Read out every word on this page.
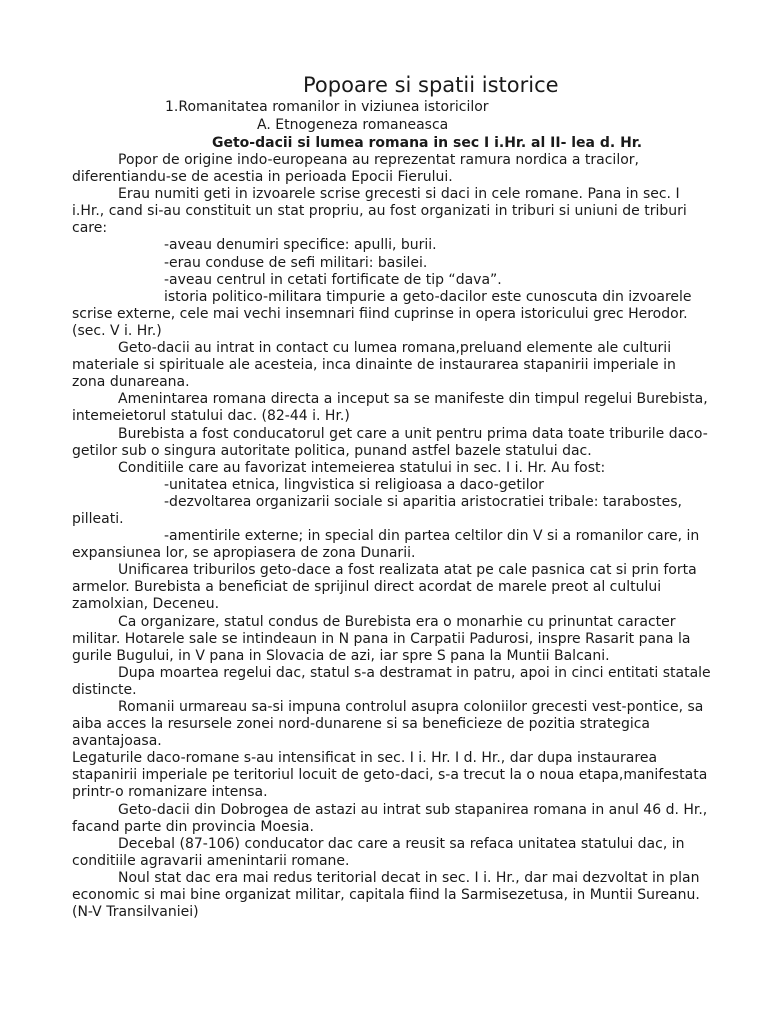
Popoare si spatii istorice
1.Romanitatea romanilor in viziunea istoricilor
A. Etnogeneza romaneasca
Geto-dacii si lumea romana in sec I i.Hr. al II- lea d. Hr.

Popor de origine indo-europeana au reprezentat ramura nordica a tracilor, diferentiandu-se de acestia in perioada Epocii Fierului.

Erau numiti geti in izvoarele scrise grecesti si daci in cele romane. Pana in sec. I i.Hr., cand si-au constituit un stat propriu, au fost organizati in triburi si uniuni de triburi care:

-aveau denumiri specifice: apulli, burii.

-erau conduse de sefi militari: basilei.

-aveau centrul in cetati fortificate de tip “dava”.

istoria politico-militara timpurie a geto-dacilor este cunoscuta din izvoarele scrise externe, cele mai vechi insemnari fiind cuprinse in opera istoricului grec Herodor. (sec. V i. Hr.)

Geto-dacii au intrat in contact cu lumea romana,preluand elemente ale culturii materiale si spirituale ale acesteia, inca dinainte de instaurarea stapanirii imperiale in zona dunareana.

Amenintarea romana directa a inceput sa se manifeste din timpul regelui Burebista, intemeietorul statului dac. (82-44 i. Hr.)

Burebista a fost conducatorul get care a unit pentru prima data toate triburile daco-getilor sub o singura autoritate politica, punand astfel bazele statului dac.

Conditiile care au favorizat intemeierea statului in sec. I i. Hr. Au fost:

-unitatea etnica, lingvistica si religioasa a daco-getilor

-dezvoltarea organizarii sociale si aparitia aristocratiei tribale: tarabostes, pilleati.

-amentirile externe; in special din partea celtilor din V si a romanilor care, in expansiunea lor, se apropiasera de zona Dunarii.

Unificarea triburilos geto-dace a fost realizata atat pe cale pasnica cat si prin forta armelor. Burebista a beneficiat de sprijinul direct acordat de marele preot al cultului zamolxian, Deceneu.

Ca organizare, statul condus de Burebista era o monarhie cu prinuntat caracter militar. Hotarele sale se intindeaun in N pana in Carpatii Padurosi, inspre Rasarit pana la gurile Bugului, in V pana in Slovacia de azi, iar spre S pana la Muntii Balcani.

Dupa moartea regelui dac, statul s-a destramat in patru, apoi in cinci entitati statale distincte.

Romanii urmareau sa-si impuna controlul asupra coloniilor grecesti vest-pontice, sa aiba acces la resursele zonei nord-dunarene si sa beneficieze de pozitia strategica avantajoasa.

Legaturile daco-romane s-au intensificat in sec. I i. Hr. I d. Hr., dar dupa instaurarea stapanirii imperiale pe teritoriul locuit de geto-daci, s-a trecut la o noua etapa,manifestata printr-o romanizare intensa.

Geto-dacii din Dobrogea de astazi au intrat sub stapanirea romana in anul 46 d. Hr., facand parte din provincia Moesia.

Decebal (87-106) conducator dac care a reusit sa refaca unitatea statului dac, in conditiile agravarii amenintarii romane.

Noul stat dac era mai redus teritorial decat in sec. I i. Hr., dar mai dezvoltat in plan economic si mai bine organizat militar, capitala fiind la Sarmisezetusa, in Muntii Sureanu. (N-V Transilvaniei)
